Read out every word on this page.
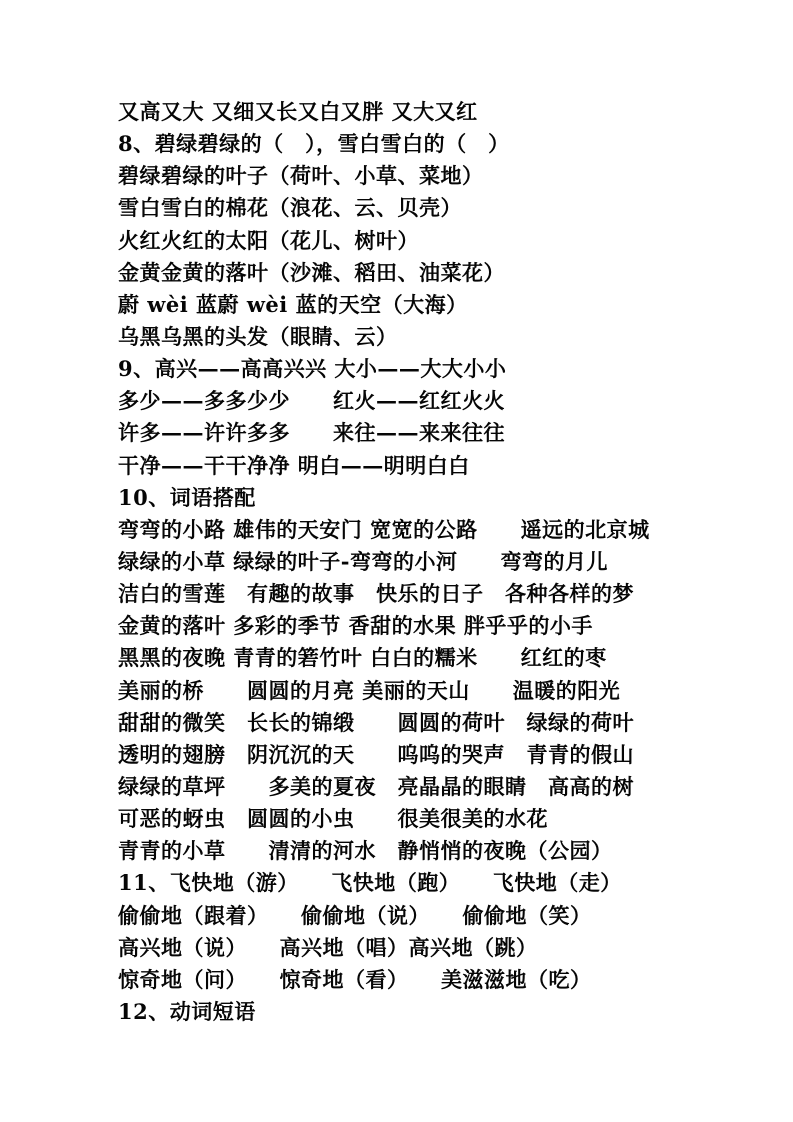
又高又大 又细又长又白又胖 又大又红
8、碧绿碧绿的（　），雪白雪白的（　）
碧绿碧绿的叶子（荷叶、小草、菜地）
雪白雪白的棉花（浪花、云、贝壳）
火红火红的太阳（花儿、树叶）
金黄金黄的落叶（沙滩、稻田、油菜花）
蔚 wèi 蓝蔚 wèi 蓝的天空（大海）
乌黑乌黑的头发（眼睛、云）
9、高兴——高高兴兴 大小——大大小小
多少——多多少少　　红火——红红火火
许多——许许多多　　来往——来来往往
干净——干干净净 明白——明明白白
10、词语搭配
弯弯的小路 雄伟的天安门 宽宽的公路　　遥远的北京城
绿绿的小草 绿绿的叶子-弯弯的小河　　弯弯的月儿
洁白的雪莲　有趣的故事　快乐的日子　各种各样的梦
金黄的落叶 多彩的季节 香甜的水果 胖乎乎的小手
黑黑的夜晚 青青的箬竹叶 白白的糯米　　红红的枣
美丽的桥　　圆圆的月亮 美丽的天山　　温暖的阳光
甜甜的微笑　长长的锦缎　　圆圆的荷叶　绿绿的荷叶
透明的翅膀　阴沉沉的天　　呜呜的哭声　青青的假山
绿绿的草坪　　多美的夏夜　亮晶晶的眼睛　高高的树
可恶的蚜虫　圆圆的小虫　　很美很美的水花
青青的小草　　清清的河水　静悄悄的夜晚（公园）
11、飞快地（游）　　飞快地（跑）　　飞快地（走）
偷偷地（跟着）　　偷偷地（说）　　偷偷地（笑）
高兴地（说）　　高兴地（唱）高兴地（跳）
惊奇地（问）　　惊奇地（看）　　美滋滋地（吃）
12、动词短语
